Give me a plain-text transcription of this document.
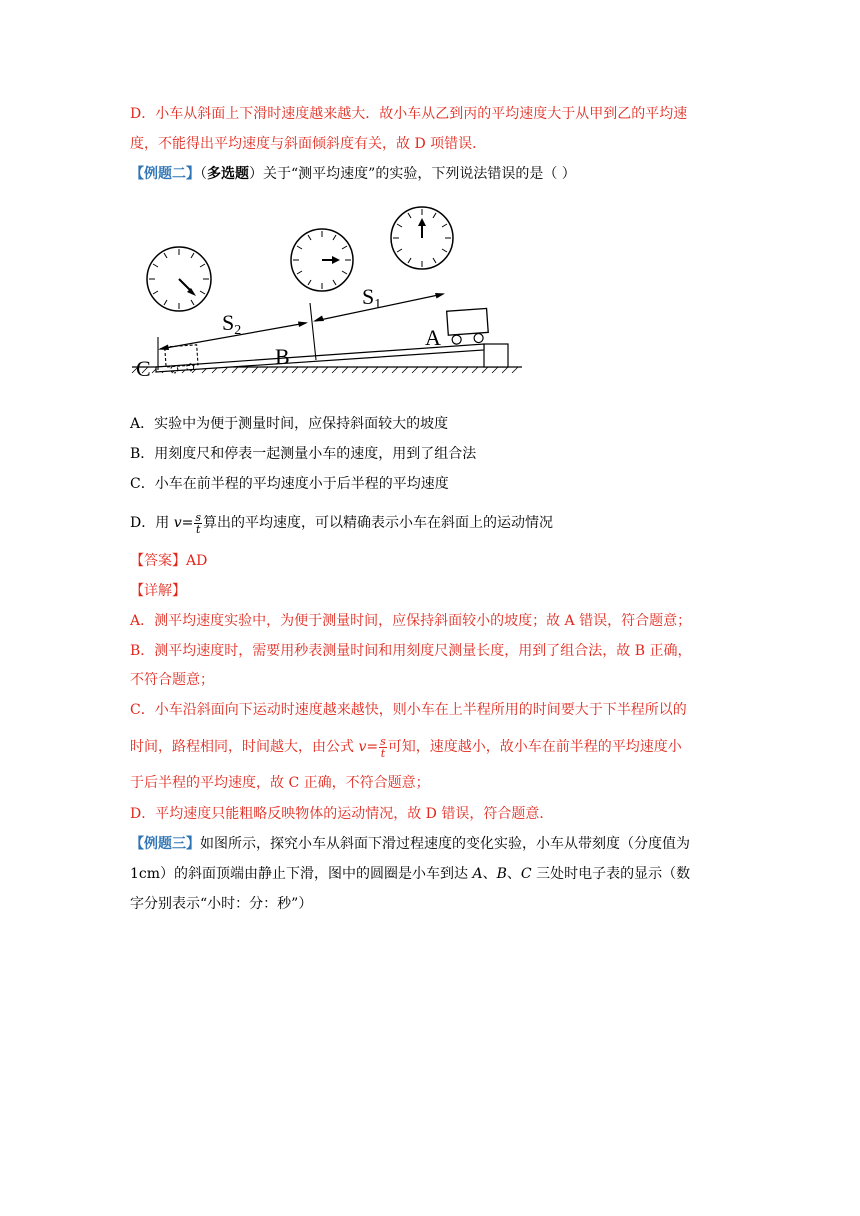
D．小车从斜面上下滑时速度越来越大．故小车从乙到丙的平均速度大于从甲到乙的平均速
度，不能得出平均速度与斜面倾斜度有关，故 D 项错误．
【例题二】（多选题）关于“测平均速度”的实验，下列说法错误的是（ ）
C	B
A
S2
S1
A．实验中为便于测量时间，应保持斜面较大的坡度
B．用刻度尺和停表一起测量小车的速度，用到了组合法
C．小车在前半程的平均速度小于后半程的平均速度
D．用 $v= \frac{s}{t}$ 算出的平均速度，可以精确表示小车在斜面上的运动情况
【答案】AD
【详解】
A．测平均速度实验中，为便于测量时间，应保持斜面较小的坡度；故 A 错误，符合题意；
B．测平均速度时，需要用秒表测量时间和用刻度尺测量长度，用到了组合法，故 B 正确，
不符合题意；
C．小车沿斜面向下运动时速度越来越快，则小车在上半程所用的时间要大于下半程所以的
时间，路程相同，时间越大，由公式 $v= \frac{s}{t}$ 可知，速度越小，故小车在前半程的平均速度小
于后半程的平均速度，故 C 正确，不符合题意；
D．平均速度只能粗略反映物体的运动情况，故 D 错误，符合题意．
【例题三】如图所示，探究小车从斜面下滑过程速度的变化实验，小车从带刻度（分度值为
1cm）的斜面顶端由静止下滑，图中的圆圈是小车到达 A、B、C 三处时电子表的显示（数
字分别表示“小时：分：秒”）
